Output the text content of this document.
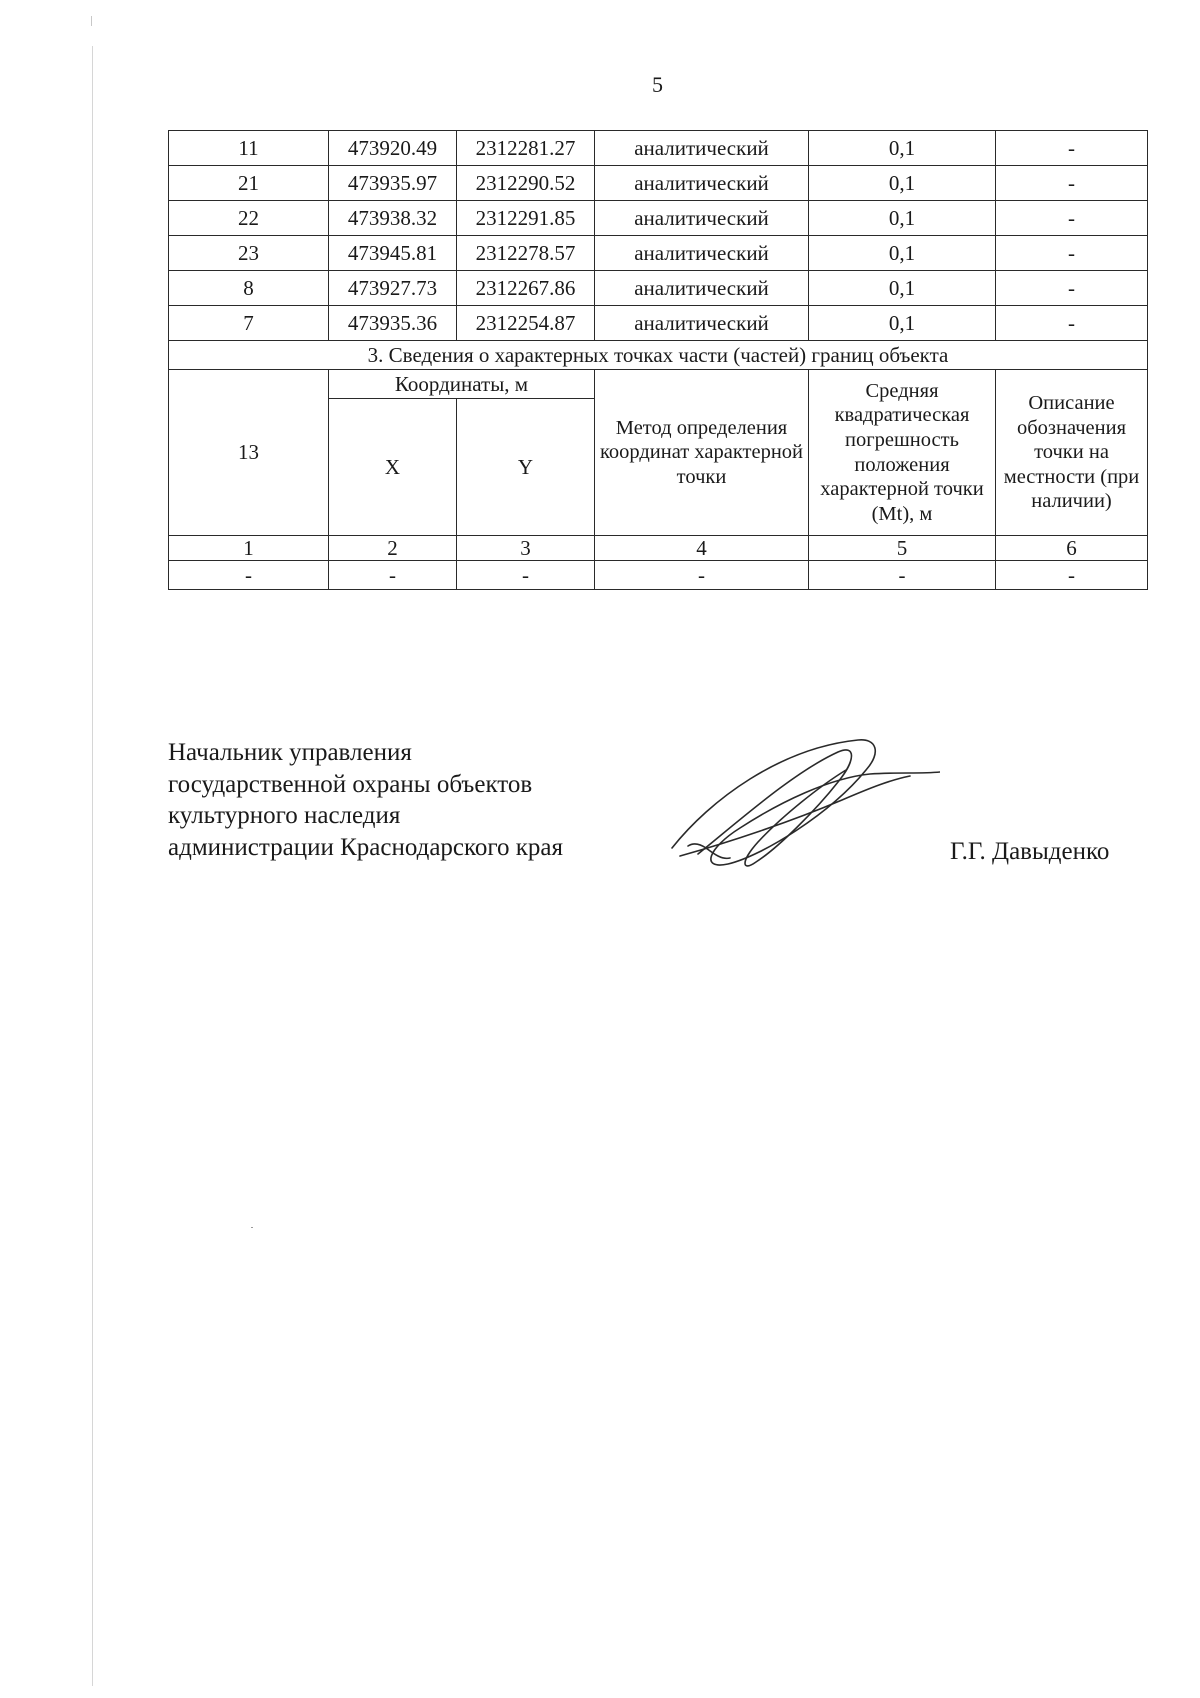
5
11	473920.49	2312281.27	аналитический	0,1	-
21	473935.97	2312290.52	аналитический	0,1	-
22	473938.32	2312291.85	аналитический	0,1	-
23	473945.81	2312278.57	аналитический	0,1	-
8	473927.73	2312267.86	аналитический	0,1	-
7	473935.36	2312254.87	аналитический	0,1	-
3. Сведения о характерных точках части (частей) границ объекта					
13	Координаты, м		Метод определения координат характерной точки	Средняя квадратическая погрешность положения характерной точки (Mt), м	Описание обозначения точки на местности (при наличии)
	X	Y			
1	2	3	4	5	6
-	-	-	-	-	-
Начальник управления
государственной охраны объектов
культурного наследия
администрации Краснодарского края	Г.Г. Давыденко
